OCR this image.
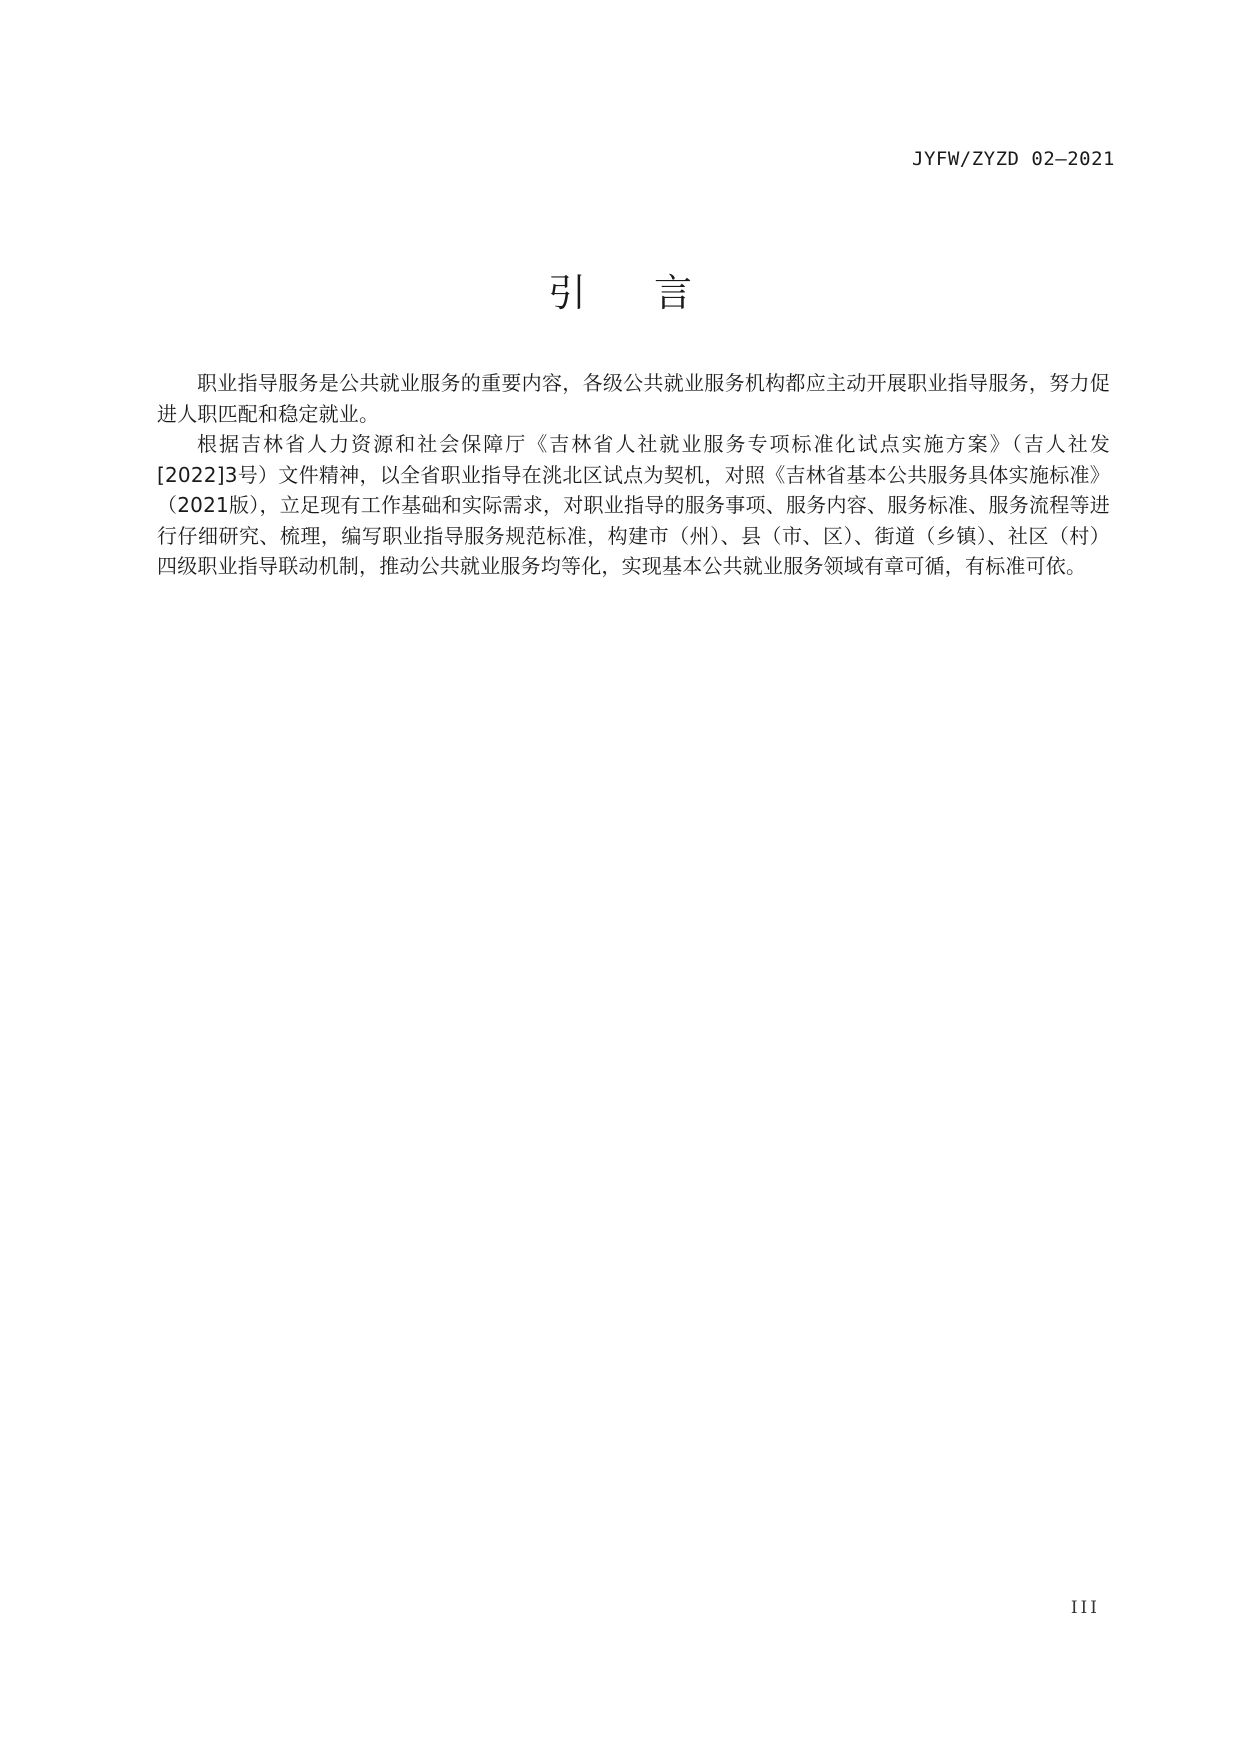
JYFW/ZYZD 02—2021
引言

职业指导服务是公共就业服务的重要内容，各级公共就业服务机构都应主动开展职业指导服务，努力促进人职匹配和稳定就业。

根据吉林省人力资源和社会保障厅《吉林省人社就业服务专项标准化试点实施方案》（吉人社发[2022]3号）文件精神，以全省职业指导在洮北区试点为契机，对照《吉林省基本公共服务具体实施标准》（2021版），立足现有工作基础和实际需求，对职业指导的服务事项、服务内容、服务标准、服务流程等进行仔细研究、梳理，编写职业指导服务规范标准，构建市（州）、县（市、区）、街道（乡镇）、社区（村）四级职业指导联动机制，推动公共就业服务均等化，实现基本公共就业服务领域有章可循，有标准可依。

III
